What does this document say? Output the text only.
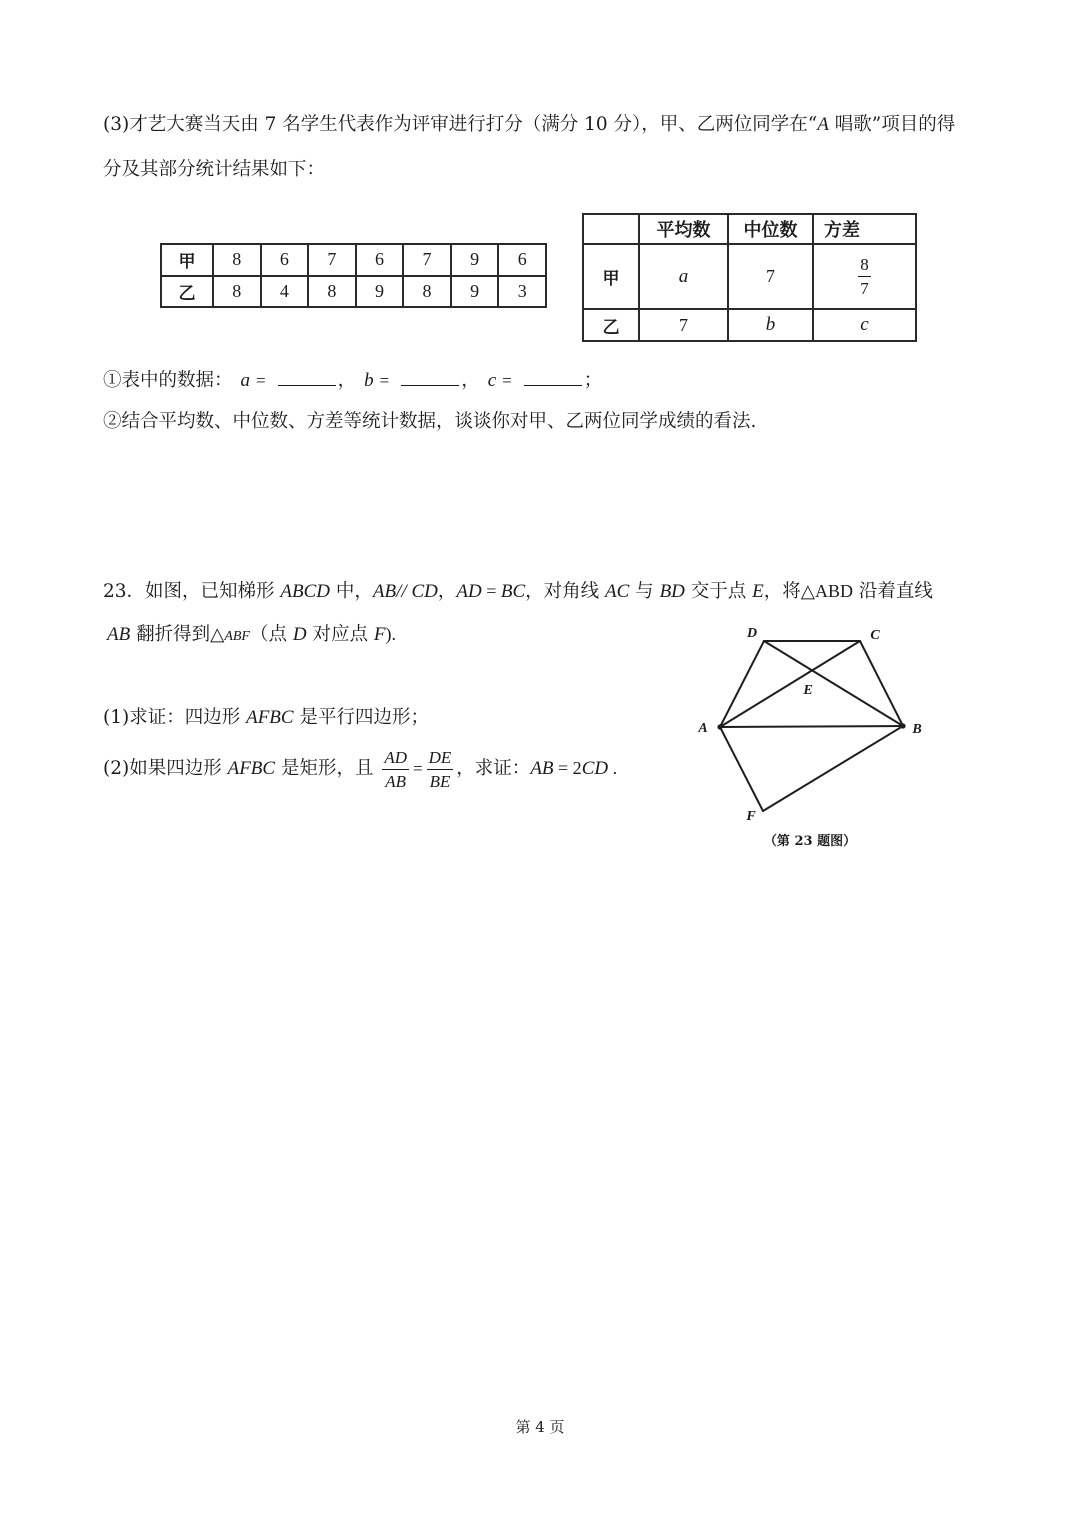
(3)才艺大赛当天由 7 名学生代表作为评审进行打分（满分 10 分），甲、乙两位同学在“A 唱歌”项目的得
分及其部分统计结果如下：
甲	8	6	7	6	7	9	6
乙	8	4	8	9	8	9	3
	平均数	中位数	方差
甲	a	7	$\frac{8}{7}$

乙	7	b	c
①表中的数据： a =	， b =	， c =	；
②结合平均数、中位数、方差等统计数据，谈谈你对甲、乙两位同学成绩的看法.
23．如图，已知梯形 ABCD 中，AB// CD，AD = BC，对角线 AC 与 BD 交于点 E，将△ABD 沿着直线
AB 翻折得到△ABF（点 D 对应点 F).
(1)求证：四边形 AFBC 是平行四边形；
(2)如果四边形 AFBC 是矩形，且 $\frac{AD}{AB} = \frac{DE}{BE}$ ，求证：AB = 2CD .
D	C
E
A	B
F
（第 23 题图）
第 4 页
